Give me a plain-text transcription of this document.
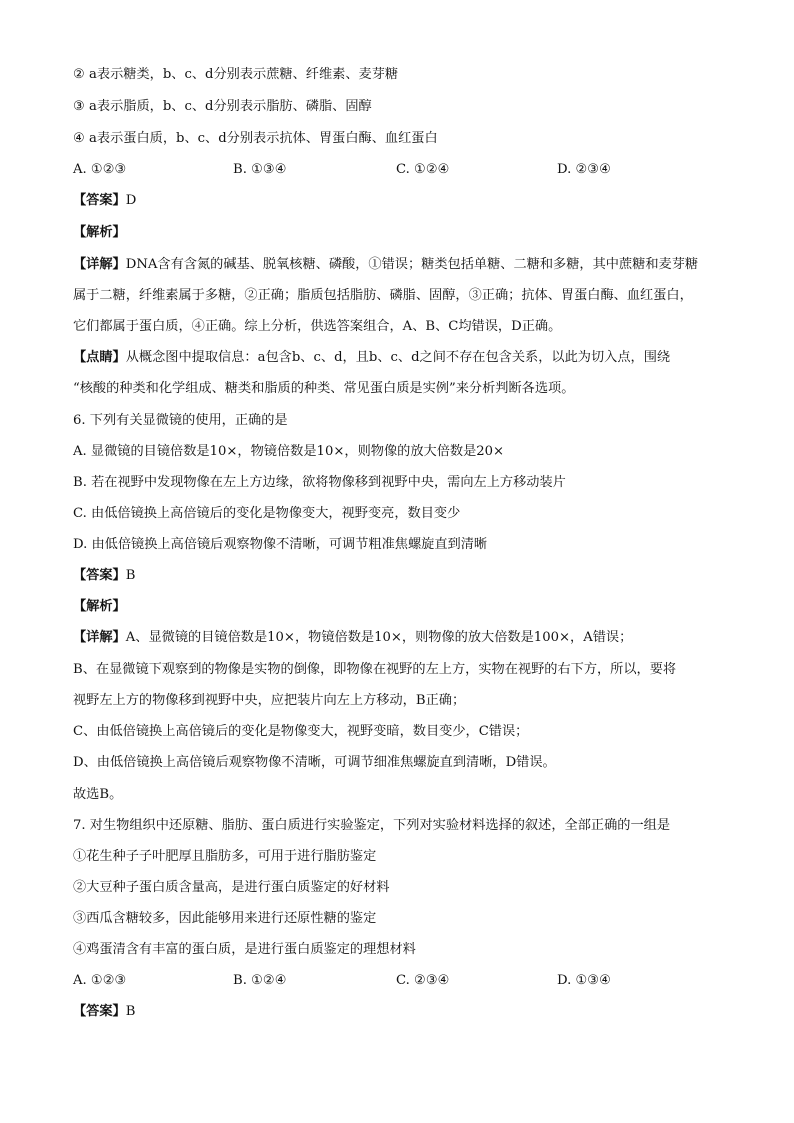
② a表示糖类，b、c、d分别表示蔗糖、纤维素、麦芽糖
③ a表示脂质，b、c、d分别表示脂肪、磷脂、固醇
④ a表示蛋白质，b、c、d分别表示抗体、胃蛋白酶、血红蛋白
A. ①②③	B. ①③④	C. ①②④	D. ②③④
【答案】D
【解析】
【详解】DNA含有含氮的碱基、脱氧核糖、磷酸，①错误；糖类包括单糖、二糖和多糖，其中蔗糖和麦芽糖
属于二糖，纤维素属于多糖，②正确；脂质包括脂肪、磷脂、固醇，③正确；抗体、胃蛋白酶、血红蛋白，
它们都属于蛋白质，④正确。综上分析，供选答案组合，A、B、C均错误，D正确。
【点睛】从概念图中提取信息：a包含b、c、d，且b、c、d之间不存在包含关系，以此为切入点，围绕
“核酸的种类和化学组成、糖类和脂质的种类、常见蛋白质是实例”来分析判断各选项。
6. 下列有关显微镜的使用，正确的是
A. 显微镜的目镜倍数是10×，物镜倍数是10×，则物像的放大倍数是20×
B. 若在视野中发现物像在左上方边缘，欲将物像移到视野中央，需向左上方移动装片
C. 由低倍镜换上高倍镜后的变化是物像变大，视野变亮，数目变少
D. 由低倍镜换上高倍镜后观察物像不清晰，可调节粗准焦螺旋直到清晰
【答案】B
【解析】
【详解】A、显微镜的目镜倍数是10×，物镜倍数是10×，则物像的放大倍数是100×，A错误；
B、在显微镜下观察到的物像是实物的倒像，即物像在视野的左上方，实物在视野的右下方，所以，要将
视野左上方的物像移到视野中央，应把装片向左上方移动，B正确；
C、由低倍镜换上高倍镜后的变化是物像变大，视野变暗，数目变少，C错误；
D、由低倍镜换上高倍镜后观察物像不清晰，可调节细准焦螺旋直到清晰，D错误。
故选B。
7. 对生物组织中还原糖、脂肪、蛋白质进行实验鉴定，下列对实验材料选择的叙述，全部正确的一组是
①花生种子子叶肥厚且脂肪多，可用于进行脂肪鉴定
②大豆种子蛋白质含量高，是进行蛋白质鉴定的好材料
③西瓜含糖较多，因此能够用来进行还原性糖的鉴定
④鸡蛋清含有丰富的蛋白质，是进行蛋白质鉴定的理想材料
A. ①②③	B. ①②④	C. ②③④	D. ①③④
【答案】B
